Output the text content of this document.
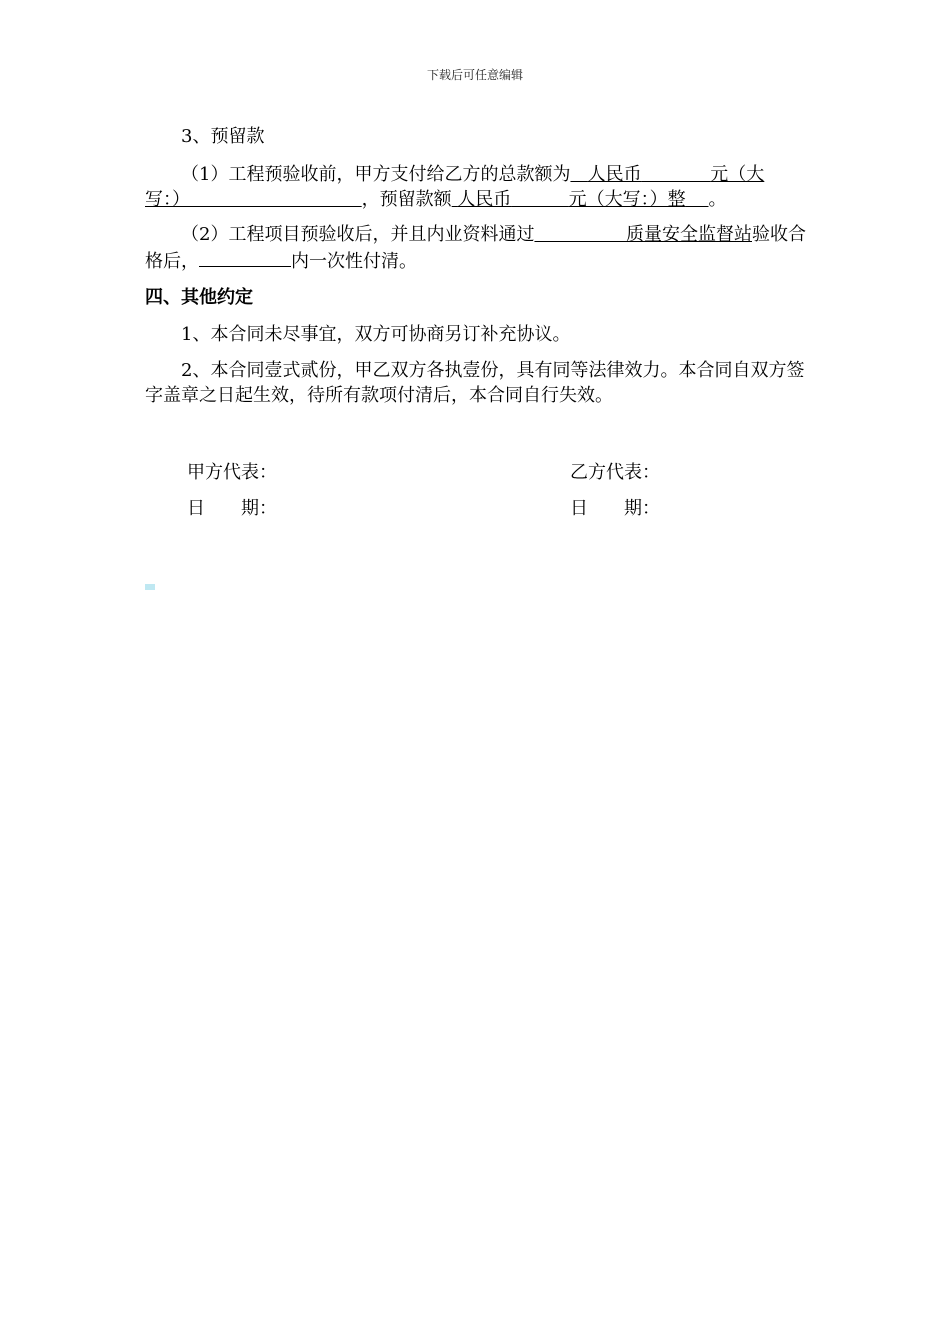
下载后可任意编辑

3、预留款

（1）工程预验收前，甲方支付给乙方的总款额为 人民币	元（大写：）	，预留款额 人民币	元（大写：）整 。

（2）工程项目预验收后，并且内业资料通过	质量安全监督站验收合格后，	内一次性付清。

四、其他约定

1、本合同未尽事宜，双方可协商另订补充协议。

2、本合同壹式贰份，甲乙双方各执壹份，具有同等法律效力。本合同自双方签字盖章之日起生效，待所有款项付清后，本合同自行失效。

甲方代表：	乙方代表：
日　　期：	日　　期：
